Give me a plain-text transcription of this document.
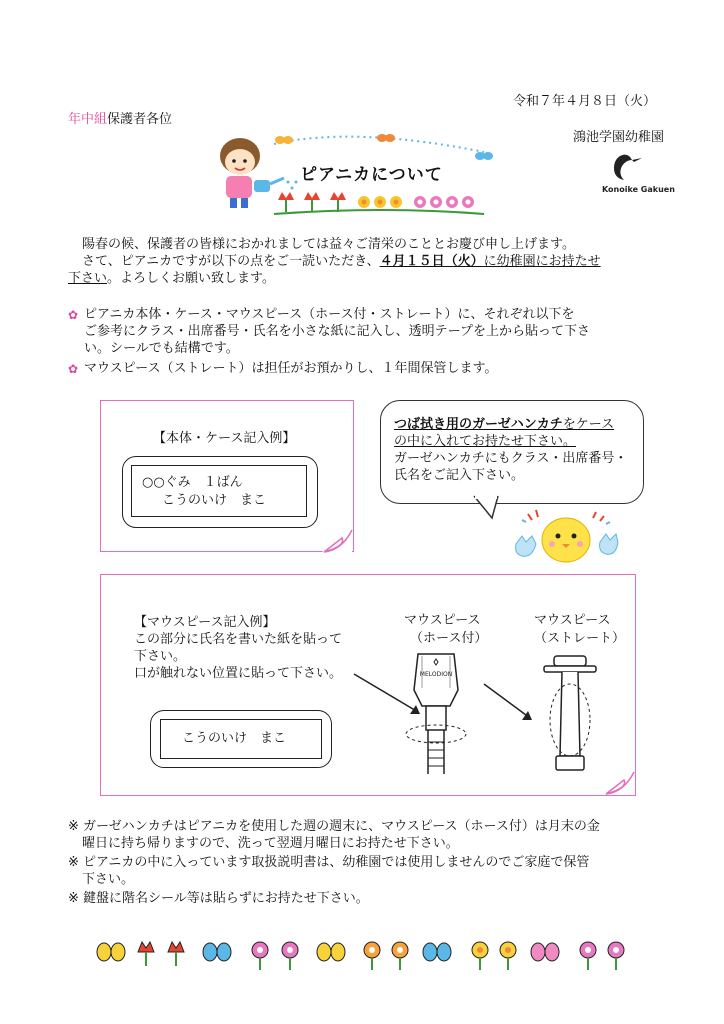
令和７年４月８日（火）
年中組保護者各位
鴻池学園幼稚園
Konoike Gakuen
ピアニカについて
陽春の候、保護者の皆様におかれましては益々ご清栄のこととお慶び申し上げます。
さて、ピアニカですが以下の点をご一読いただき、４月１５日（火）に幼稚園にお持たせ
下さい。よろしくお願い致します。
✿ ピアニカ本体・ケース・マウスピース（ホース付・ストレート）に、それぞれ以下を
ご参考にクラス・出席番号・氏名を小さな紙に記入し、透明テープを上から貼って下さ
い。シールでも結構です。
✿ マウスピース（ストレート）は担任がお預かりし、１年間保管します。
【本体・ケース記入例】
○○ぐみ　１ばん
こうのいけ　まこ
つば拭き用のガーゼハンカチをケース
の中に入れてお持たせ下さい。
ガーゼハンカチにもクラス・出席番号・
氏名をご記入下さい。
【マウスピース記入例】
この部分に氏名を書いた紙を貼って
下さい。
口が触れない位置に貼って下さい。
こうのいけ　まこ
マウスピース
（ホース付）
マウスピース
（ストレート）
MELODION
※ ガーゼハンカチはピアニカを使用した週の週末に、マウスピース（ホース付）は月末の金
曜日に持ち帰りますので、洗って翌週月曜日にお持たせ下さい。
※ ピアニカの中に入っています取扱説明書は、幼稚園では使用しませんのでご家庭で保管
下さい。
※ 鍵盤に階名シール等は貼らずにお持たせ下さい。
